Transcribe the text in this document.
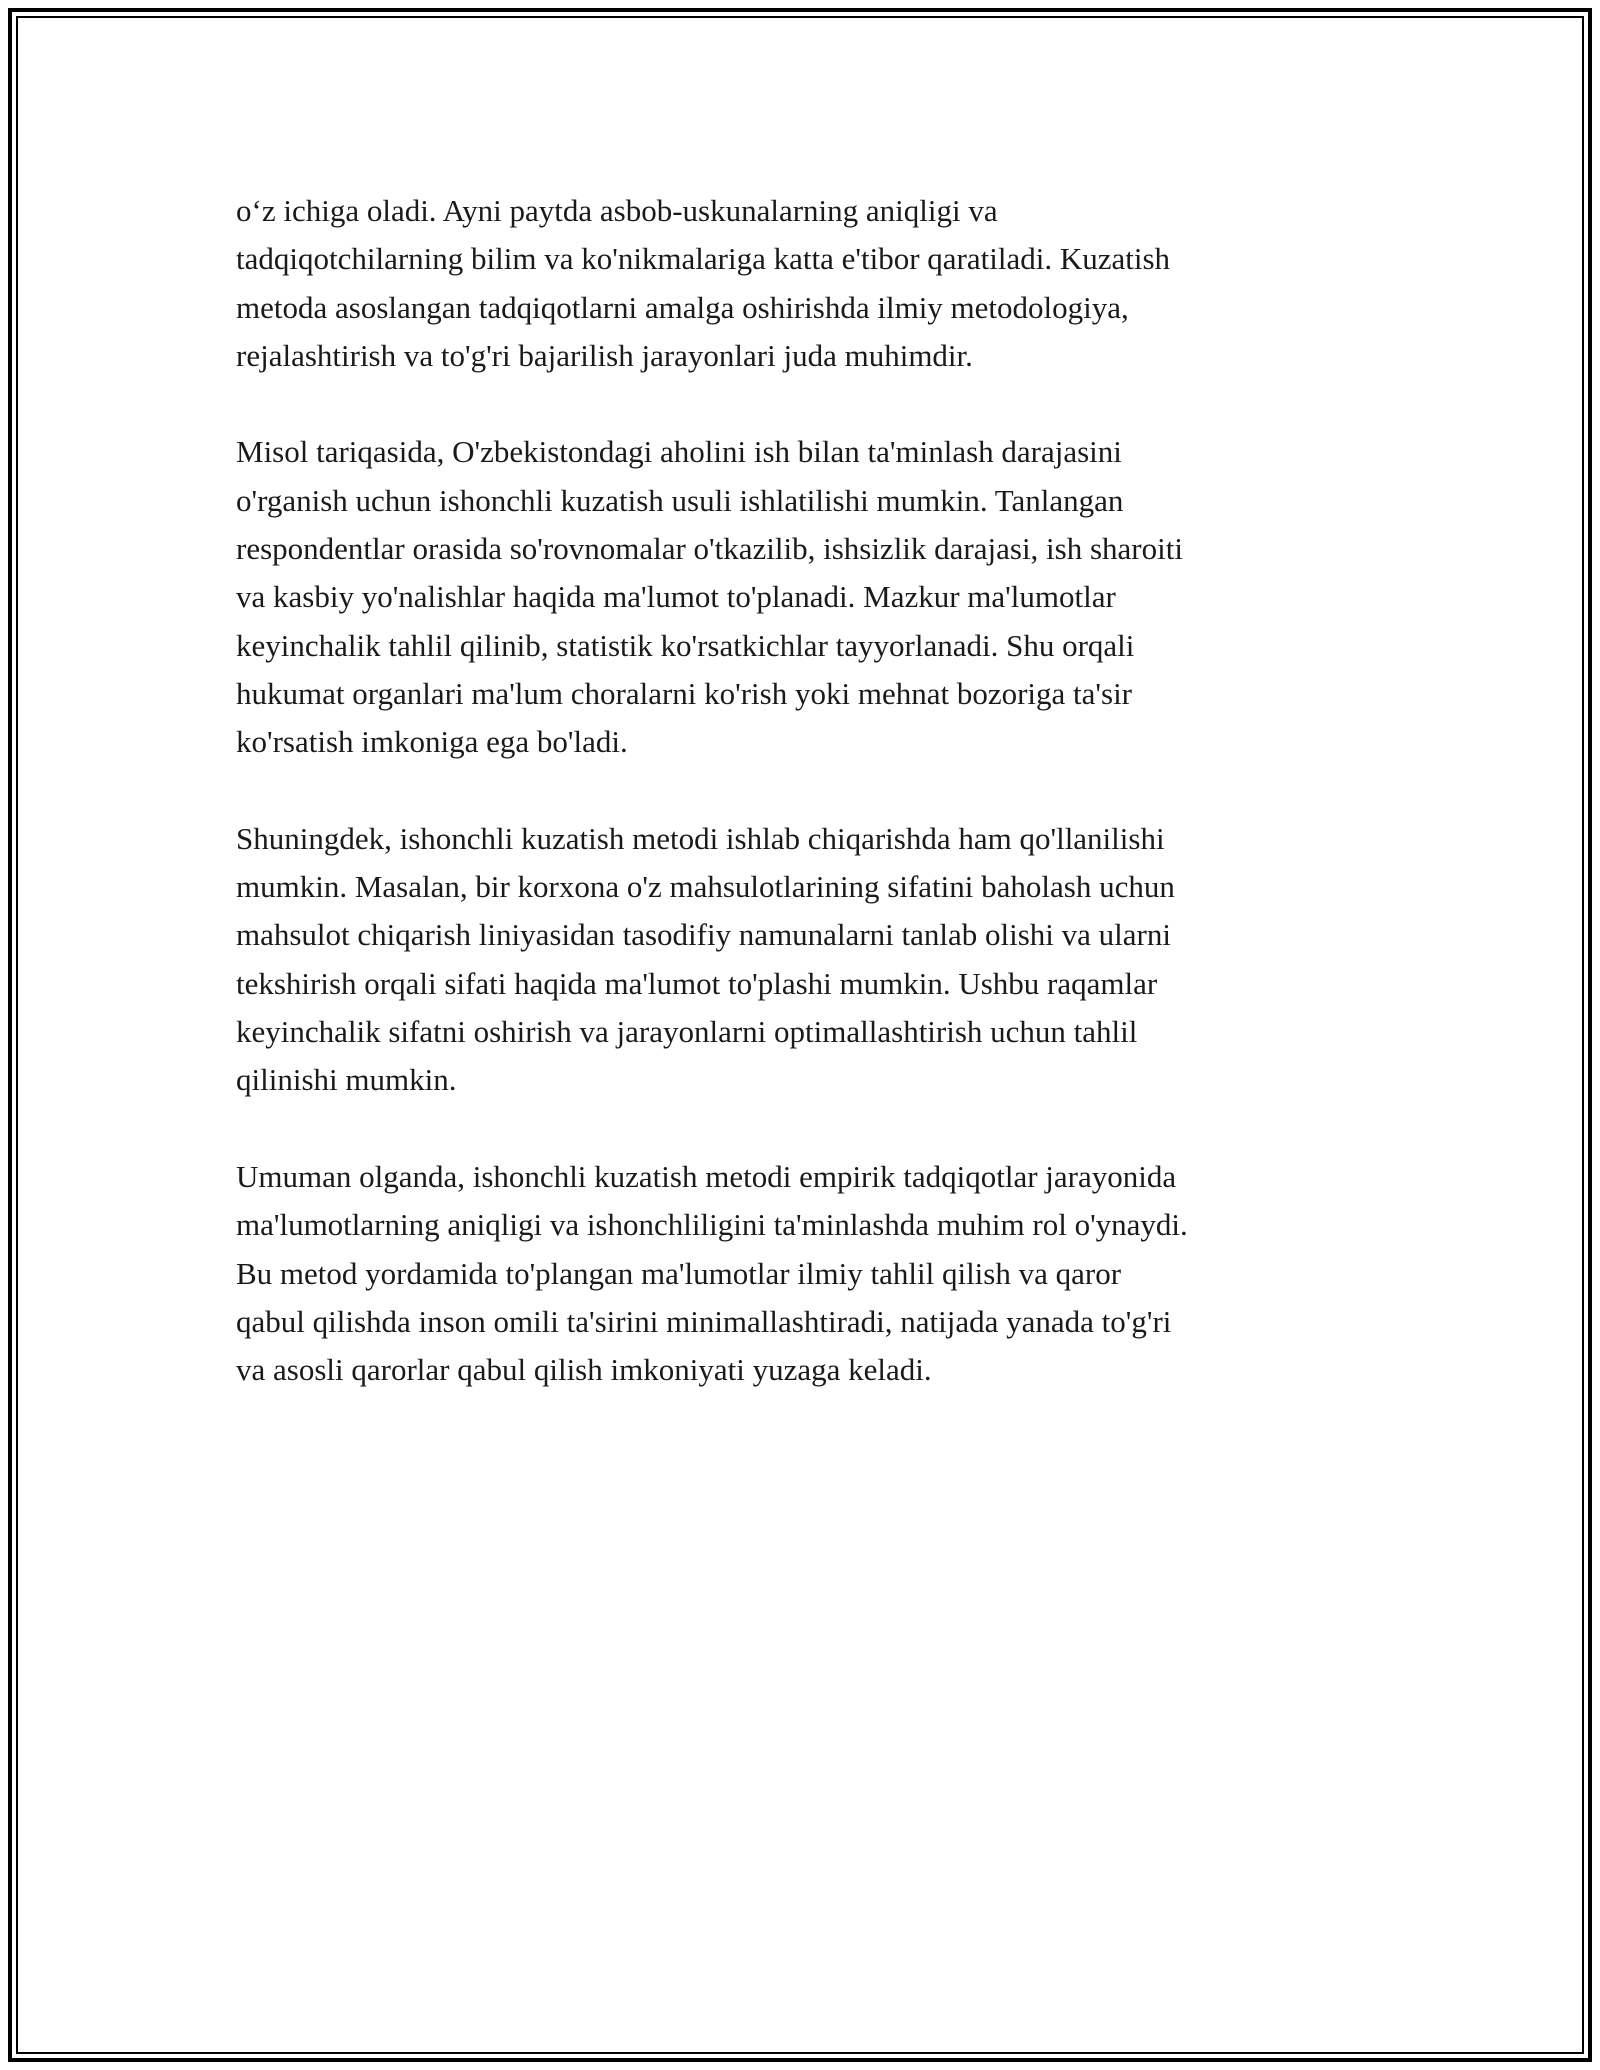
o‘z ichiga oladi. Ayni paytda asbob-uskunalarning aniqligi va
tadqiqotchilarning bilim va ko'nikmalariga katta e'tibor qaratiladi. Kuzatish
metoda asoslangan tadqiqotlarni amalga oshirishda ilmiy metodologiya,
rejalashtirish va to'g'ri bajarilish jarayonlari juda muhimdir.

Misol tariqasida, O'zbekistondagi aholini ish bilan ta'minlash darajasini
o'rganish uchun ishonchli kuzatish usuli ishlatilishi mumkin. Tanlangan
respondentlar orasida so'rovnomalar o'tkazilib, ishsizlik darajasi, ish sharoiti
va kasbiy yo'nalishlar haqida ma'lumot to'planadi. Mazkur ma'lumotlar
keyinchalik tahlil qilinib, statistik ko'rsatkichlar tayyorlanadi. Shu orqali
hukumat organlari ma'lum choralarni ko'rish yoki mehnat bozoriga ta'sir
ko'rsatish imkoniga ega bo'ladi.

Shuningdek, ishonchli kuzatish metodi ishlab chiqarishda ham qo'llanilishi
mumkin. Masalan, bir korxona o'z mahsulotlarining sifatini baholash uchun
mahsulot chiqarish liniyasidan tasodifiy namunalarni tanlab olishi va ularni
tekshirish orqali sifati haqida ma'lumot to'plashi mumkin. Ushbu raqamlar
keyinchalik sifatni oshirish va jarayonlarni optimallashtirish uchun tahlil
qilinishi mumkin.

Umuman olganda, ishonchli kuzatish metodi empirik tadqiqotlar jarayonida
ma'lumotlarning aniqligi va ishonchliligini ta'minlashda muhim rol o'ynaydi.
Bu metod yordamida to'plangan ma'lumotlar ilmiy tahlil qilish va qaror
qabul qilishda inson omili ta'sirini minimallashtiradi, natijada yanada to'g'ri
va asosli qarorlar qabul qilish imkoniyati yuzaga keladi.
